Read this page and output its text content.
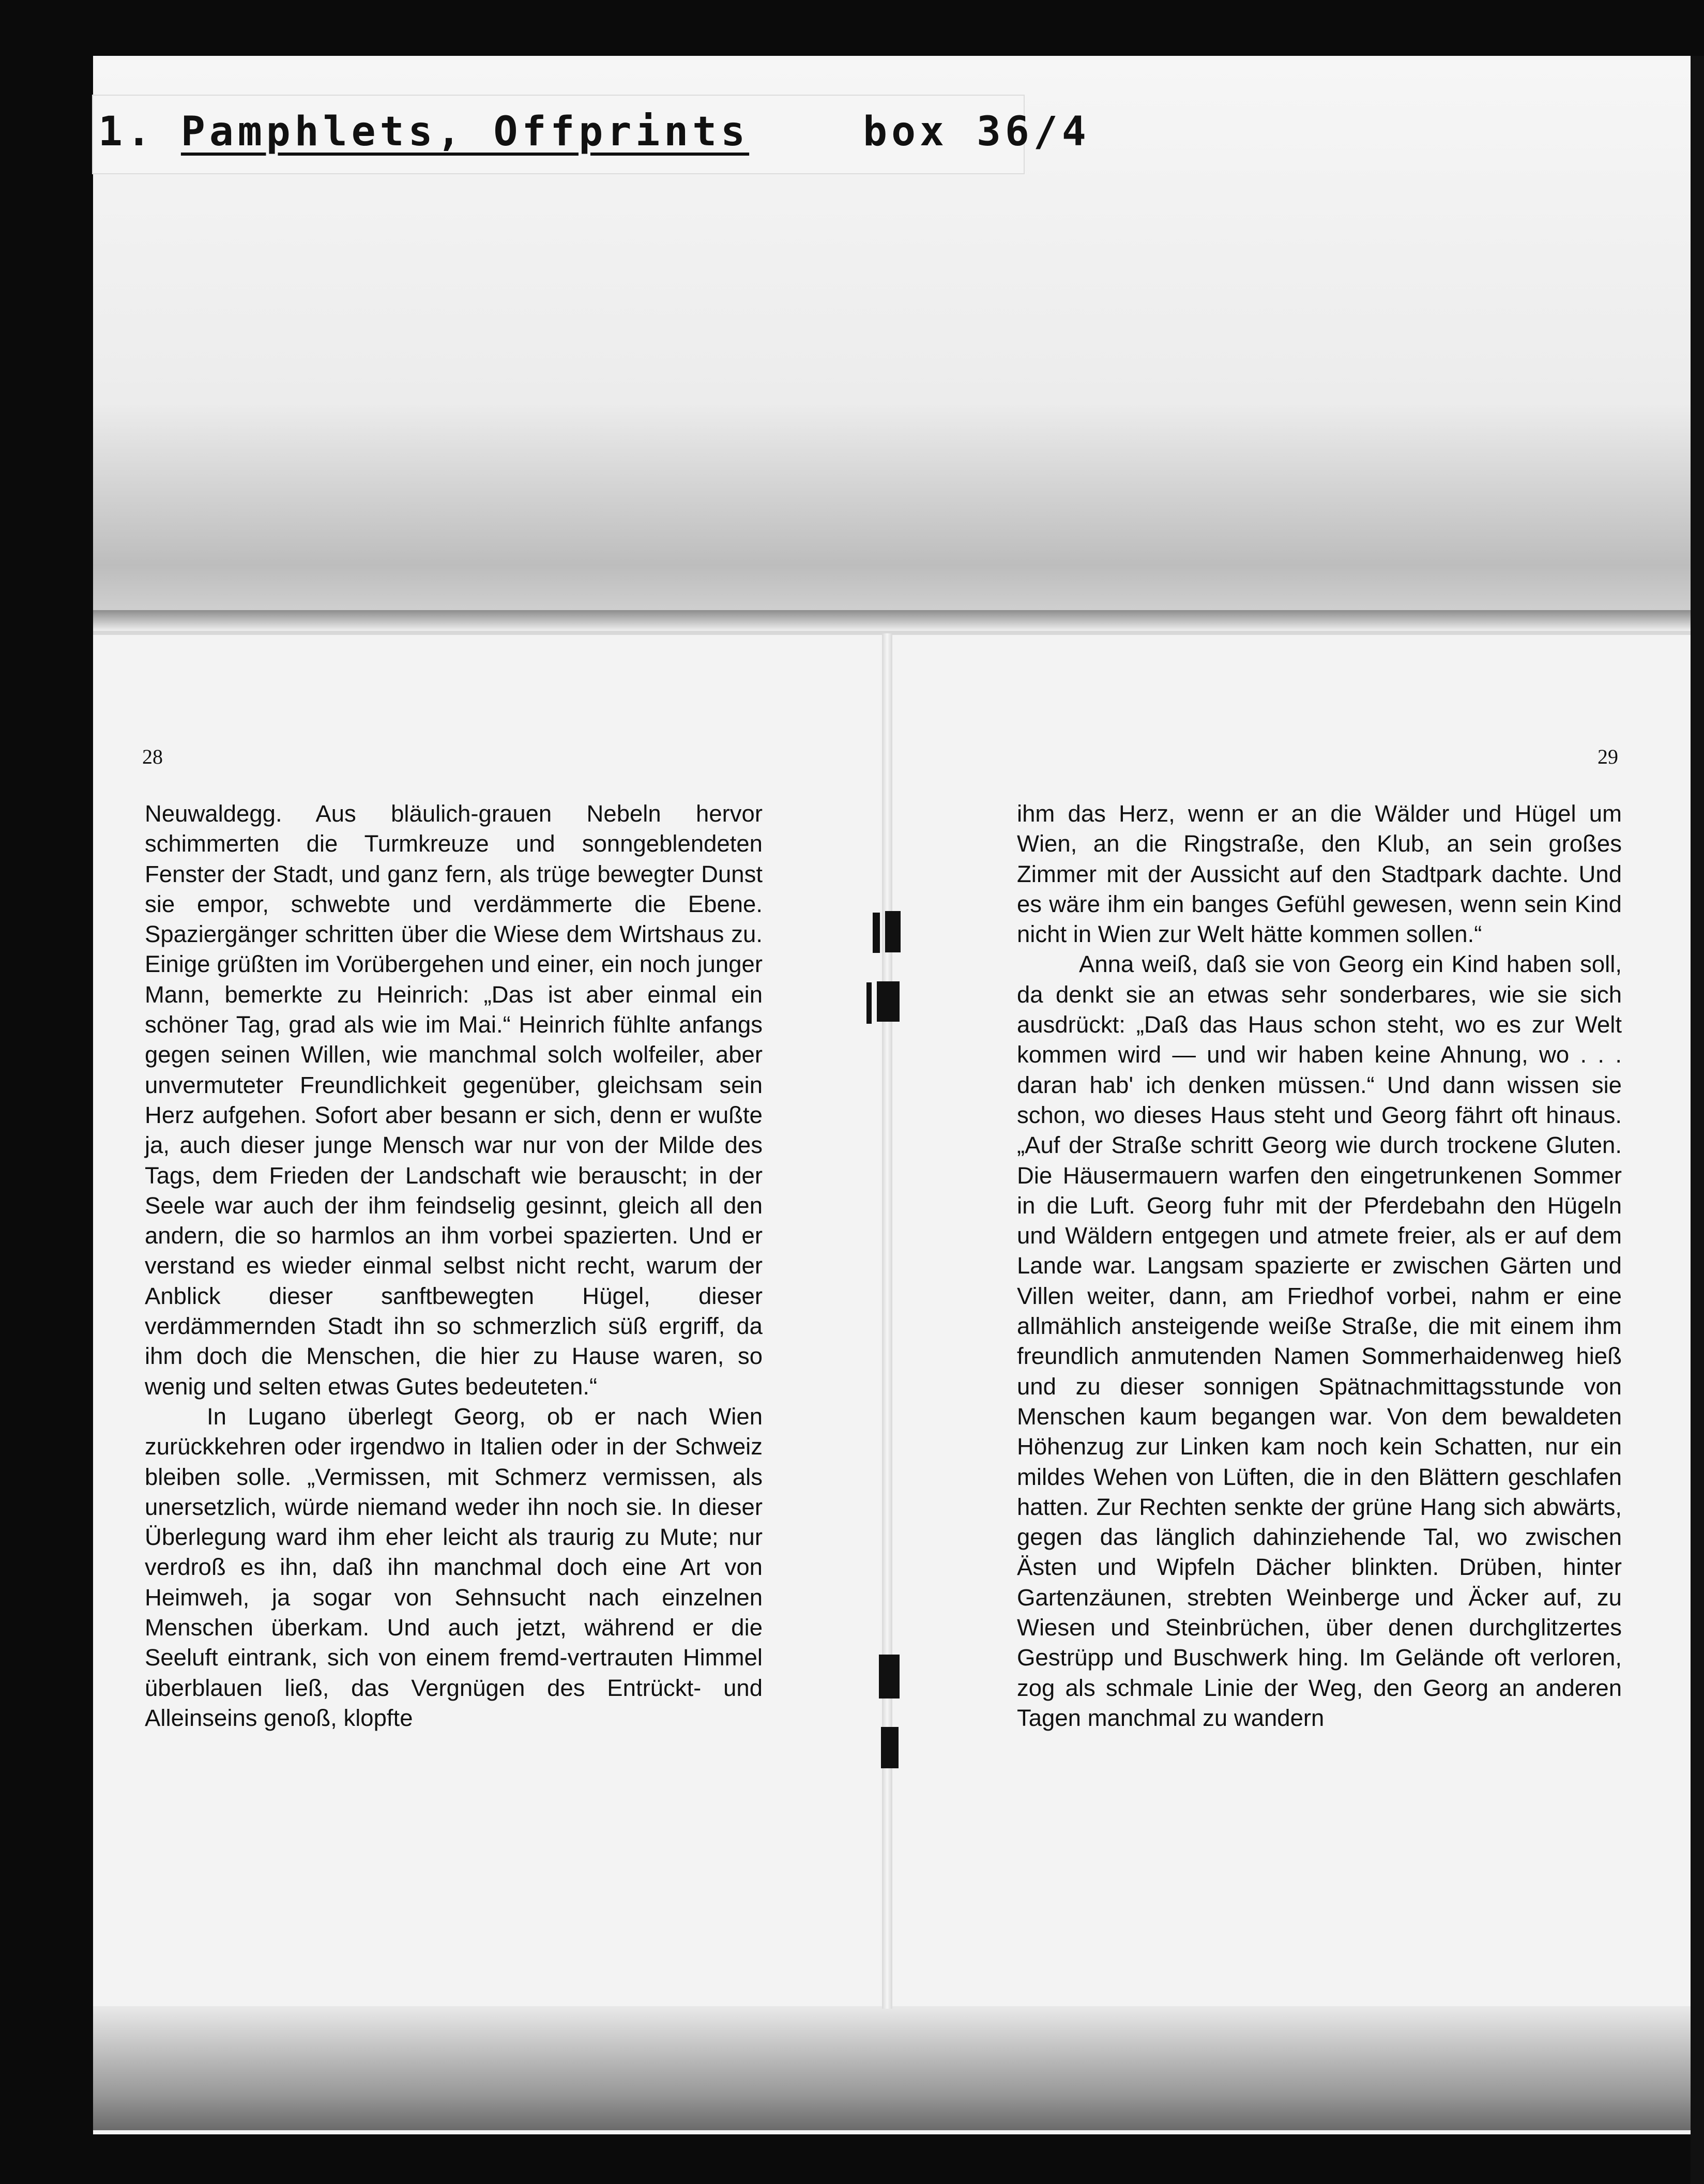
1. Pamphlets, Offprints	box 36/4
28	29

Neuwaldegg. Aus bläulich-grauen Nebeln hervor schimmerten die Turmkreuze und sonngeblendeten Fenster der Stadt, und ganz fern, als trüge bewegter Dunst sie empor, schwebte und verdämmerte die Ebene. Spaziergänger schritten über die Wiese dem Wirtshaus zu. Einige grüßten im Vorübergehen und einer, ein noch junger Mann, bemerkte zu Heinrich: „Das ist aber einmal ein schöner Tag, grad als wie im Mai.“ Heinrich fühlte anfangs gegen seinen Willen, wie manchmal solch wolfeiler, aber unvermuteter Freundlichkeit gegenüber, gleichsam sein Herz aufgehen. Sofort aber besann er sich, denn er wußte ja, auch dieser junge Mensch war nur von der Milde des Tags, dem Frieden der Landschaft wie berauscht; in der Seele war auch der ihm feindselig gesinnt, gleich all den andern, die so harmlos an ihm vorbei spazierten. Und er verstand es wieder einmal selbst nicht recht, warum der Anblick dieser sanftbewegten Hügel, dieser verdämmernden Stadt ihn so schmerzlich süß ergriff, da ihm doch die Menschen, die hier zu Hause waren, so wenig und selten etwas Gutes bedeuteten.“

In Lugano überlegt Georg, ob er nach Wien zurückkehren oder irgendwo in Italien oder in der Schweiz bleiben solle. „Vermissen, mit Schmerz vermissen, als unersetzlich, würde niemand weder ihn noch sie. In dieser Überlegung ward ihm eher leicht als traurig zu Mute; nur verdroß es ihn, daß ihn manchmal doch eine Art von Heimweh, ja sogar von Sehnsucht nach einzelnen Menschen überkam. Und auch jetzt, während er die Seeluft eintrank, sich von einem fremd-vertrauten Himmel überblauen ließ, das Vergnügen des Entrückt- und Alleinseins genoß, klopfte

ihm das Herz, wenn er an die Wälder und Hügel um Wien, an die Ringstraße, den Klub, an sein großes Zimmer mit der Aussicht auf den Stadtpark dachte. Und es wäre ihm ein banges Gefühl gewesen, wenn sein Kind nicht in Wien zur Welt hätte kommen sollen.“

Anna weiß, daß sie von Georg ein Kind haben soll, da denkt sie an etwas sehr sonderbares, wie sie sich ausdrückt: „Daß das Haus schon steht, wo es zur Welt kommen wird — und wir haben keine Ahnung, wo . . . daran hab' ich denken müssen.“ Und dann wissen sie schon, wo dieses Haus steht und Georg fährt oft hinaus. „Auf der Straße schritt Georg wie durch trockene Gluten. Die Häusermauern warfen den eingetrunkenen Sommer in die Luft. Georg fuhr mit der Pferdebahn den Hügeln und Wäldern entgegen und atmete freier, als er auf dem Lande war. Langsam spazierte er zwischen Gärten und Villen weiter, dann, am Friedhof vorbei, nahm er eine allmählich ansteigende weiße Straße, die mit einem ihm freundlich anmutenden Namen Sommerhaidenweg hieß und zu dieser sonnigen Spätnachmittagsstunde von Menschen kaum begangen war. Von dem bewaldeten Höhenzug zur Linken kam noch kein Schatten, nur ein mildes Wehen von Lüften, die in den Blättern geschlafen hatten. Zur Rechten senkte der grüne Hang sich abwärts, gegen das länglich dahinziehende Tal, wo zwischen Ästen und Wipfeln Dächer blinkten. Drüben, hinter Gartenzäunen, strebten Weinberge und Äcker auf, zu Wiesen und Steinbrüchen, über denen durchglitzertes Gestrüpp und Buschwerk hing. Im Gelände oft verloren, zog als schmale Linie der Weg, den Georg an anderen Tagen manchmal zu wandern
